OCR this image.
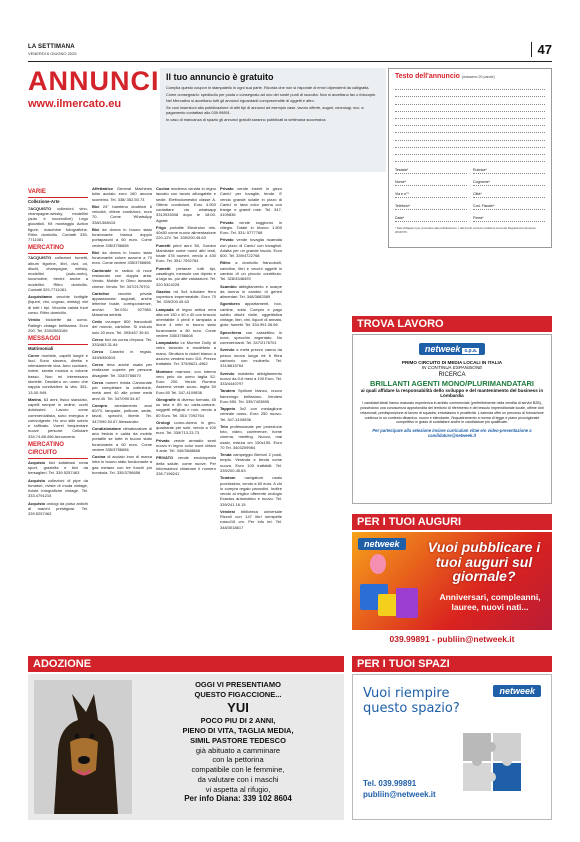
LA SETTIMANA
VENERDÌ 6 GIUGNO 2025	47
ANNUNCI
www.ilmercato.eu
Il tuo annuncio è gratuito

Compila questo coupon in stampatello in ogni sua parte. Ricorda che non si risponde di errori dipendenti da calligrafia.

Come consegnarlo: spediscilo per posta o consegnalo ad uno dei nostri punti di raccolta. Non si accettano fax o fotocopie. Nel Mercatino si accettano tutti gli annunci riguardanti compravendite di oggetti e altro.

Se vuoi inserzioni alla pubblicazione di altri tipi di annunci ad esempio case, lavoro offerte, auguri, necrologi, ecc. a pagamento contattaci allo 039.99891.

In caso di mancanza di spazio gli annunci gratuiti saranno pubblicati la settimana successiva.

Testo dell'annuncio (massimo 20 parole)
Testata*	Rubrica*
Nome*	Cognome*
Via e n°*	Città*
Telefono*	Cod. Fiscale*
Data*	Firma*
* Dati obbligatori per procedere alla pubblicazione. I dati forniti verranno trattati ai sensi del Regolamento Europeo 2016/679.
VARIE
Collezione-Arte
7ACQUISTO collezioni vino-champagne-whisky, modellini (auto e locomotive) Lego giocattoli, Kit montaggio Action figure, macchine fotografiche. Ritiro domicilio. Contatti 339-7711081
MERCATINO
7ACQUISTO collezioni fumetti, album figurine, libri, dvd, cd, dischi, champagne, whisky, modellini (auto-moto), locomotive, trenini anche a modellini. Ritiro domicilio. Contatti 329-7711081.
Acquistiamo vecchie bottiglie (liquori, vini, cognac, whisky) vini di tutti i tipi. Vecchia valuta fuori corso. Ritiro domicilio.
Vendo biciclette da uomo. Rallegh vintage bellissima. Euro 200. Tel. 339/2583169
MESSAGGI
Matrimoniali
Curve morbide, capelli lunghi e lisci. Sono sincera, diretta e intensamente viva. Amo cucinare, ridere, serata musica a volume basso. Non mi interessano storielle. Desidero un uomo che sappia condividere la vita. 351-13-00-949.
Marina, 63 anni, fisico slanciato, capelli sempre in ordine, occhi dolcissimi. Lavoro come commercialista, sono energica e coinvolgente. Ho uno stile sobrio e raffinato. Vorrei frequentare nuove persone. Cellulare 334.74.88.496 Annunceria
MERCATINO CIRCUITO
Acquisto bici saltafossi roma sport, graziella e bici da bersaglieri. Tel. 339.5257463
Acquisto collezioni di pipe da fumatori, riviste di moda vintage, riviste fotografiche vintage. Tel. 333.4791215
Acquisto orologi da polso antichi di marchi prestigiosi. Tel. 339.5257463
Affettatrice General Machines tutta acciaio euro 160 ancora scontrino. Tel. 338/.352.50.73
Bici 24" bambina doublezi 6 velocità, ottime condizioni, euro 70. Come WhatsApp 338/1368415
Bici da donna in buono stato funzionante bianca doppio portapacchi a 60 euro. Come vedere 335/3756656
Bici da donna in buono stato funzionante colore azzurra a 70 euro. Come vedere 335/3756656
Cantonale in radica di noce restaurato con doppia anta. Vendo. Mobile in Olmo lavorato cinese. Vendo. Tel. 347/2176701
Cartoline vecchie private appassionate augurali, anche letterine buste, corrispondenze, archivi. Tel.031/ 927985. Massima serietà.
Cedo ovunque 800 francobolli del mondo, cartoline. Si includo solo 20 euro. Tel. 393/467.39.61
Cerco bici da corsa d'epoca. Tel. 333/463.31.84
Cerco Cararini in regalo. 349/6350519
Cerco lena anche usata per realizzare coperte per persone disagiate. Tel. 333/3756670
Cerco numeri rivista Cannonate per completare la collezione, metà anni 40 alle prime metà anni 40. Tel. 347/090.54.67
Compro arredamento anni 60/70, lampade, poltrone, sedie, tavoli, specchi, liberie. Tel. 347/090.54.67 Alessandro
Condizionatore climatizzatore di aria fredda e calda da mobile portatile se tutte in buono stato funzionante a 60 euro. Come vedere 335/3756656
Cucina di acciaio inox di marca lofra in buono stato funzionante a gas metano con tre fuochi più bombola. Tel. 335/3756656
Cucina moderna venata in legno laccato con tavolo allungabile e sedie. Elettrodomestici classe A. Ottime condizioni. Euro 4.500 contattare via whatsapp 3313933008 dopo le 18:00. Agrate
Frigo portatile Electrolux mis. 40x50 come nuovo alimentazione 220-12V. Tel. 339/200.45.63
Fumetti primi anni '60, Gordon Mandrake come nuovi altri testi, totale 478 numeri, vendo a 430 Euro. Tel. 351/ 7092764
Fumetti pietanze tutti tipi, casalinghi, mensole con dipinto e a lago su, più alte valutazioni. Tel. 320.5324228
Gazebo mt 3x4 tubolare ferro copertura impermeabile. Euro 70 Tel. 339/200.45.63
Lampada di legno antica nera alta cm 150 x 40 x 40 con braccio orientabile 4 piedi e lampada a leone 4 vetri in buono stato funzionante a 80 euro. Come vedere 335/3756608
Lampadario Le Murrine Dolly di vetro lavorato e modellato a mano. Struttura in nickel bianco a azzurro vendesi euro 110. Prezzo trattabile. Tel. 375/6621-4962
Montone marrone, con interno vero pelo da uomo taglia 52- Euro 200. Vendo Rumino Asseresi vende scuro- taglia 50 Euro 60 Tel. 347-4109836
Oleografie di diverso formato, 45 su tela e 85 su carta-cartone. soggetti religiosi e non, vendo a 80 Euro. Tel. 351/ 7092764
Orologi uomo-donna in giro-quadrante per sole, vendo a 100 euro. Tel. 339/713.23.73
Privato vende armadio semi nuovo in legno color noce chiaro 5 ante. Tel. 340/3848868
PRIVATO vende enciclopedia della salute, come nuove. Per informazioni chiamare il numero 336.7196241
Privato vende inserti in gizzo Cantu' per tovaglie, tende. E vendo grande scialle in pizzo di Cantu' in lana color panna con frange e grandi rose. Tel. 347-4109836
Privato vende soggiorno in ciliegio. Totale in blocco 1.500 Euro. Tel. 331/ 5777768
Privato vende tovaglia ricamata con pizzo di Cantu' con tovaglioli. Adatta per un grande tavolo. Euro 600. Tel. 339/4722768
Ritiro a domicilio francobolli, cartoline, libri e vecchi oggetti in cambio di un piccolo contributo. Tel. 328/3348493
Scambio abbigliamento e scarpe da donna in cambio di generi alimentari. Tel. 348/3682589
Sgombero appartamenti, box, cantine, solai. Compro e pago subito dischi vinile, oggettistica vintage, libri, vini, liquori di annata, gioie, fumetti. Tel. 334.991.06.56
Specchiera con cassettino in noce, specchio argentato. No commercianti. Tel. 347/2176701
Svendo a metà prezzo canna da pesca nuova lunga mt 6 fibra carbonio con mulinello. Tel. 331/8615764
Svendo mobiletto abbigliamento nuovo da 0-6 mesi a 100 Euro. Tel. 333/4440797
Tandem Spillone bianco, nuovo fiammingo bellissimo. Vendesi Euro 550. Tel. 339/7403895
Tappeto 3x2 con medaglione centrale rosso- Euro 250 nuovo-Tel. 347-4109836
Telo professionale per proiezione foto, video, conferenze, home cinema, meeting. Nuovo, mai usato, misura cm 150x150. Euro 70 Tel. 3403209984
Tenda campeggio Bertoni 2 posti, emplo. Veranda e tenda come nuova. Euro 100 trattabili. Tel. 339/200.45.63
Tomtom navigatore usato pochissimo, vendo a 60 euro. A chi lo compra regalo pannolini. Inoltre vendo al miglior offerente orologio Exactus automatico e nuovo. Tel. 339/241.16.15
Vendesi bibliotecа universale Rizzoli con 147 libri semipelle rosso/16 cm. Per info tel. Tel. 348/3018617
TROVA LAVORO
netweek s.p.a.
PRIMO CIRCUITO DI MEDIA LOCALI IN ITALIA
IN CONTINUA ESPANSIONE
RICERCA
BRILLANTI AGENTI MONO/PLURIMANDATARI
ai quali affidare la responsabilità dello sviluppo e del mantenimento del business in Lombardia
I candidati ideali hanno maturato esperienza in ambito commerciale (preferibilmente nella vendita di servizi B2B), possiedono una conoscenza approfondita del territorio di riferimento e del tessuto imprenditoriale locale, ottime doti relazionali, predisposizione al lavoro di squadra, entusiasmo e proattività. L'azienda offre un percorso di formazione continua in un contesto dinamico, nuovo e stimolante, l'inquadramento a norma di legge e piano provvigionale competitivo in grado di soddisfare anche le candidature più qualificate.
Per partecipare alla selezione inviare curriculum vitae e/o video-presentazione a candidature@netweek.it
PER I TUOI AUGURI
netweek	Vuoi pubblicare i tuoi auguri sul giornale?
Anniversari, compleanni, lauree, nuovi nati...
039.99891 - publiin@netweek.it
ADOZIONE
OGGI VI PRESENTIAMO
QUESTO FIGACCIONE...
YUI
POCO PIU DI 2 ANNI,
PIENO DI VITA, TAGLIA MEDIA,
SIMIL PASTORE TEDESCO
già abituato a camminare
con la pettorina
compatibile con le femmine,
da valutare con i maschi
vi aspetta al rifugio,
Per info Diana: 339 102 8604
PER I TUOI SPAZI
Vuoi riempire
questo spazio?
netweek
Tel. 039.99891
publiin@netweek.it
